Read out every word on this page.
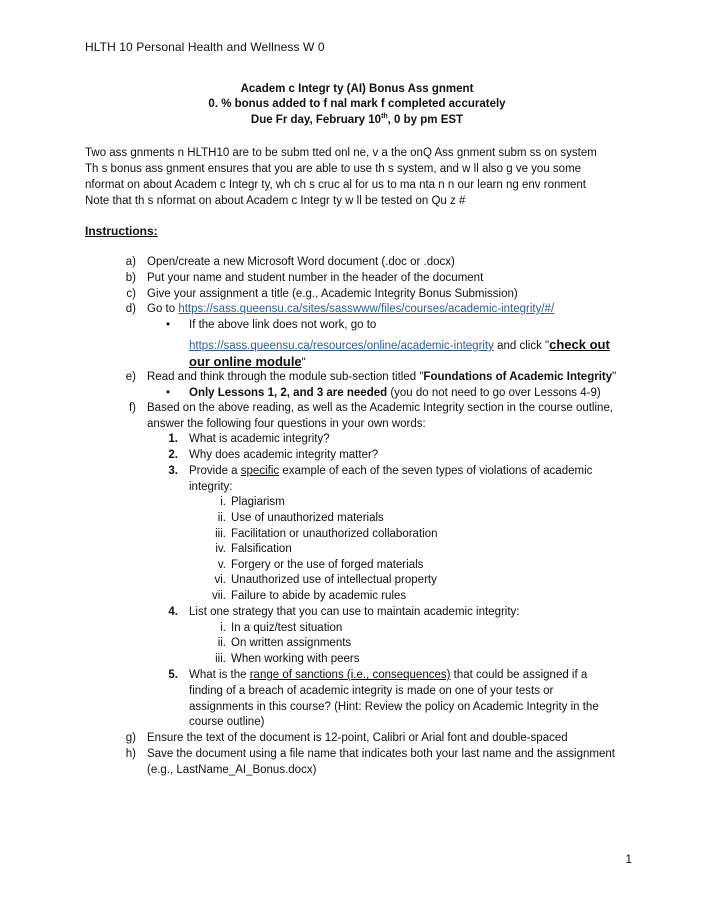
HLTH 10 Personal Health and Wellness W 0
Academ c Integr ty (AI) Bonus Ass gnment
0. % bonus added to f nal mark f completed accurately
Due Fr day, February 10th, 0 by pm EST
Two ass gnments n HLTH10 are to be subm tted onl ne, v a the onQ Ass gnment subm ss on system
Th s bonus ass gnment ensures that you are able to use th s system, and w ll also g ve you some
nformat on about Academ c Integr ty, wh ch s cruc al for us to ma nta n n our learn ng env ronment
Note that th s nformat on about Academ c Integr ty w ll be tested on Qu z #
Instructions:
a) Open/create a new Microsoft Word document (.doc or .docx)
b) Put your name and student number in the header of the document
c) Give your assignment a title (e.g., Academic Integrity Bonus Submission)
d) Go to https://sass.queensu.ca/sites/sasswww/files/courses/academic-integrity/#/
• If the above link does not work, go to
https://sass.queensu.ca/resources/online/academic-integrity and click "check out
our online module"
e) Read and think through the module sub-section titled "Foundations of Academic Integrity"
• Only Lessons 1, 2, and 3 are needed (you do not need to go over Lessons 4-9)
f) Based on the above reading, as well as the Academic Integrity section in the course outline,
answer the following four questions in your own words:
1. What is academic integrity?
2. Why does academic integrity matter?
3. Provide a specific example of each of the seven types of violations of academic
integrity:
i. Plagiarism
ii. Use of unauthorized materials
iii. Facilitation or unauthorized collaboration
iv. Falsification
v. Forgery or the use of forged materials
vi. Unauthorized use of intellectual property
vii. Failure to abide by academic rules
4. List one strategy that you can use to maintain academic integrity:
i. In a quiz/test situation
ii. On written assignments
iii. When working with peers
5. What is the range of sanctions (i.e., consequences) that could be assigned if a
finding of a breach of academic integrity is made on one of your tests or
assignments in this course? (Hint: Review the policy on Academic Integrity in the
course outline)
g) Ensure the text of the document is 12-point, Calibri or Arial font and double-spaced
h) Save the document using a file name that indicates both your last name and the assignment
(e.g., LastName_AI_Bonus.docx)
1
